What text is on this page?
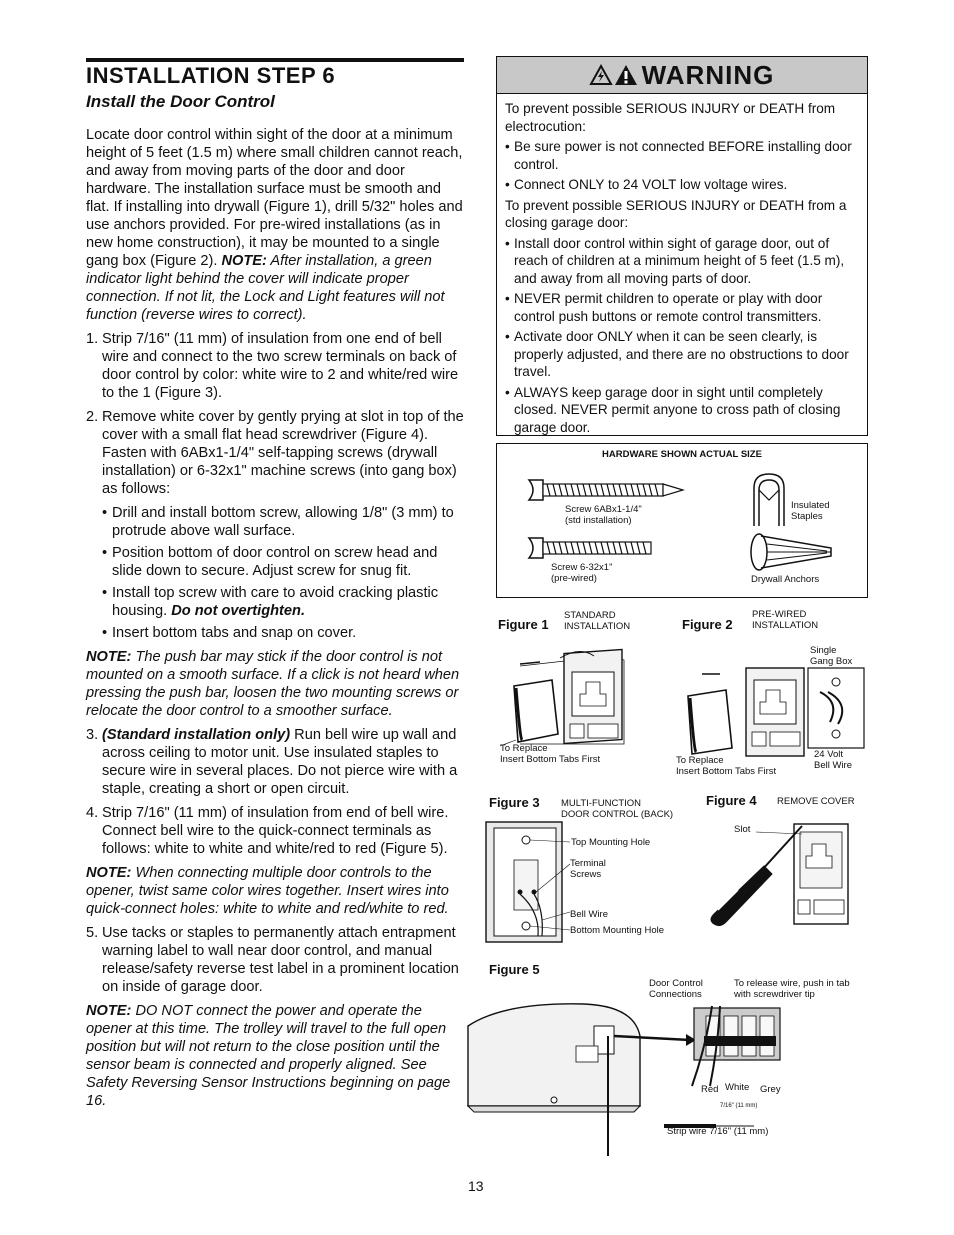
INSTALLATION STEP 6
Install the Door Control

Locate door control within sight of the door at a minimum height of 5 feet (1.5 m) where small children cannot reach, and away from moving parts of the door and door hardware. The installation surface must be smooth and flat. If installing into drywall (Figure 1), drill 5/32" holes and use anchors provided. For pre-wired installations (as in new home construction), it may be mounted to a single gang box (Figure 2). NOTE: After installation, a green indicator light behind the cover will indicate proper connection. If not lit, the Lock and Light features will not function (reverse wires to correct).

1. Strip 7/16" (11 mm) of insulation from one end of bell wire and connect to the two screw terminals on back of door control by color: white wire to 2 and white/red wire to the 1 (Figure 3).
2. Remove white cover by gently prying at slot in top of the cover with a small flat head screwdriver (Figure 4). Fasten with 6ABx1-1/4" self-tapping screws (drywall installation) or 6-32x1" machine screws (into gang box) as follows:
• Drill and install bottom screw, allowing 1/8" (3 mm) to protrude above wall surface.
• Position bottom of door control on screw head and slide down to secure. Adjust screw for snug fit.
• Install top screw with care to avoid cracking plastic housing. Do not overtighten.
• Insert bottom tabs and snap on cover.

NOTE: The push bar may stick if the door control is not mounted on a smooth surface. If a click is not heard when pressing the push bar, loosen the two mounting screws or relocate the door control to a smoother surface.

3. (Standard installation only) Run bell wire up wall and across ceiling to motor unit. Use insulated staples to secure wire in several places. Do not pierce wire with a staple, creating a short or open circuit.
4. Strip 7/16" (11 mm) of insulation from end of bell wire. Connect bell wire to the quick-connect terminals as follows: white to white and white/red to red (Figure 5).

NOTE: When connecting multiple door controls to the opener, twist same color wires together. Insert wires into quick-connect holes: white to white and red/white to red.

5. Use tacks or staples to permanently attach entrapment warning label to wall near door control, and manual release/safety reverse test label in a prominent location on inside of garage door.

NOTE: DO NOT connect the power and operate the opener at this time. The trolley will travel to the full open position but will not return to the close position until the sensor beam is connected and properly aligned. See Safety Reversing Sensor Instructions beginning on page 16.

WARNING

To prevent possible SERIOUS INJURY or DEATH from electrocution:

• Be sure power is not connected BEFORE installing door control.
• Connect ONLY to 24 VOLT low voltage wires.

To prevent possible SERIOUS INJURY or DEATH from a closing garage door:

• Install door control within sight of garage door, out of reach of children at a minimum height of 5 feet (1.5 m), and away from all moving parts of door.
• NEVER permit children to operate or play with door control push buttons or remote control transmitters.
• Activate door ONLY when it can be seen clearly, is properly adjusted, and there are no obstructions to door travel.
• ALWAYS keep garage door in sight until completely closed. NEVER permit anyone to cross path of closing garage door.
HARDWARE SHOWN ACTUAL SIZE
Screw 6ABx1-1/4"
(std installation)
Screw 6-32x1"
(pre-wired)
Insulated
Staples
Drywall Anchors
Figure 1
STANDARD
INSTALLATION
To Replace
Insert Bottom Tabs First
Figure 2
PRE-WIRED
INSTALLATION
Single
Gang Box
To Replace
Insert Bottom Tabs First
24 Volt
Bell Wire
Figure 3 MULTI-FUNCTION
DOOR CONTROL (BACK)
Top Mounting Hole
Terminal
Screws
Bell Wire
Bottom Mounting Hole
Figure 4 REMOVE COVER
Slot
Figure 5
Door Control
Connections
To release wire, push in tab
with screwdriver tip
Red White Grey
7/16" (11 mm)
Strip wire 7/16" (11 mm)
13
